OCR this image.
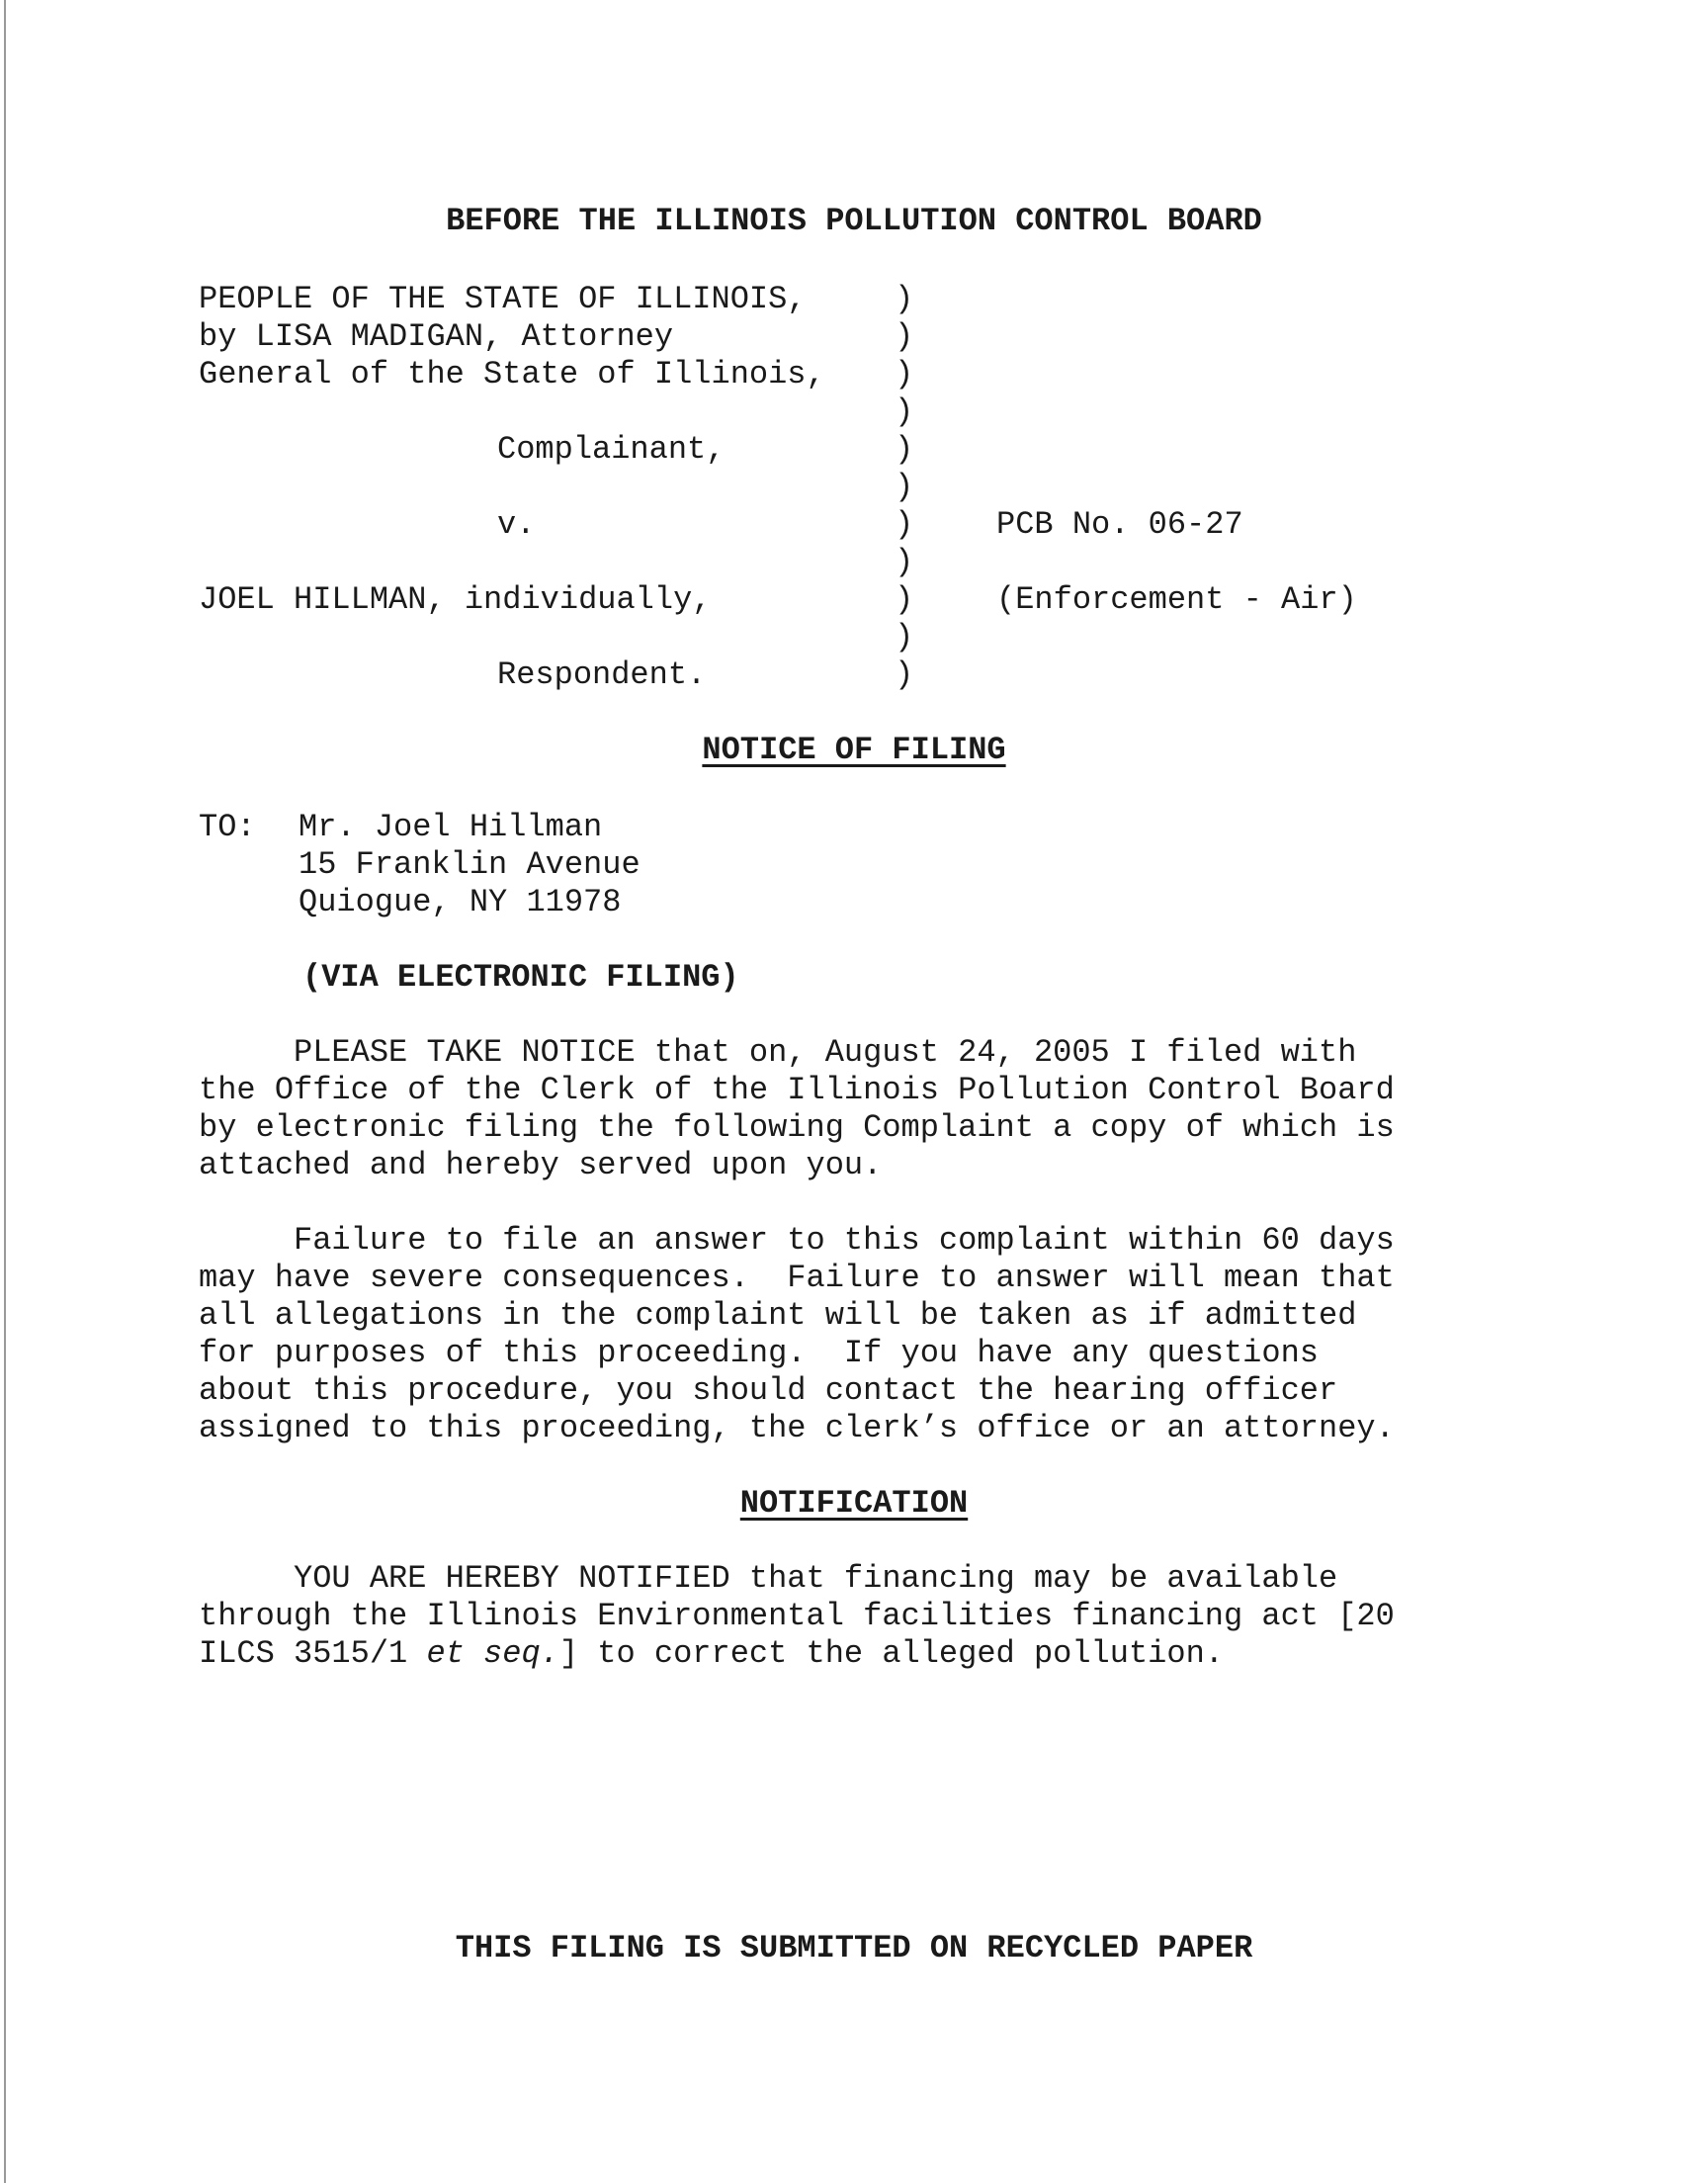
BEFORE THE ILLINOIS POLLUTION CONTROL BOARD

PEOPLE OF THE STATE OF ILLINOIS,

by LISA MADIGAN, Attorney

General of the State of Illinois,

Complainant,

v.

JOEL HILLMAN, individually,

Respondent.

)
)
)
)
)
)
)
)
)
)
)

PCB No. 06-27

(Enforcement - Air)

NOTICE OF FILING

TO: Mr. Joel Hillman

15 Franklin Avenue

Quiogue, NY 11978

(VIA ELECTRONIC FILING)

PLEASE TAKE NOTICE that on, August 24, 2005 I filed with

the Office of the Clerk of the Illinois Pollution Control Board

by electronic filing the following Complaint a copy of which is

attached and hereby served upon you.

Failure to file an answer to this complaint within 60 days

may have severe consequences.  Failure to answer will mean that

all allegations in the complaint will be taken as if admitted

for purposes of this proceeding.  If you have any questions

about this procedure, you should contact the hearing officer

assigned to this proceeding, the clerk’s office or an attorney.

NOTIFICATION

YOU ARE HEREBY NOTIFIED that financing may be available

through the Illinois Environmental facilities financing act [20

ILCS 3515/1 et seq.] to correct the alleged pollution.

THIS FILING IS SUBMITTED ON RECYCLED PAPER
